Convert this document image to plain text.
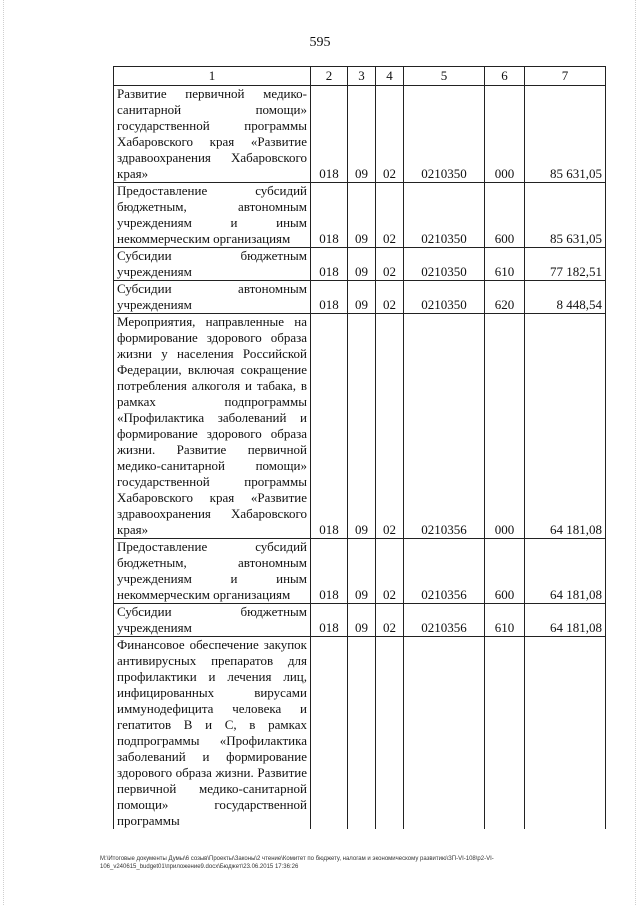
595
1	2	3	4	5	6	7
Развитие первичной медико-санитарной помощи» государственной программы Хабаровского края «Развитие здравоохранения Хабаровского края»	018	09	02	0210350	000	85 631,05
Предоставление субсидий бюджетным, автономным учреждениям и иным некоммерческим организациям	018	09	02	0210350	600	85 631,05
Субсидии бюджетным учреждениям	018	09	02	0210350	610	77 182,51
Субсидии автономным учреждениям	018	09	02	0210350	620	8 448,54
Мероприятия, направленные на формирование здорового образа жизни у населения Российской Федерации, включая сокращение потребления алкоголя и табака, в рамках подпрограммы «Профилактика заболеваний и формирование здорового образа жизни. Развитие первичной медико-санитарной помощи» государственной программы Хабаровского края «Развитие здравоохранения Хабаровского края»	018	09	02	0210356	000	64 181,08
Предоставление субсидий бюджетным, автономным учреждениям и иным некоммерческим организациям	018	09	02	0210356	600	64 181,08
Субсидии бюджетным учреждениям	018	09	02	0210356	610	64 181,08
Финансовое обеспечение закупок антивирусных препаратов для профилактики и лечения лиц, инфицированных вирусами иммунодефицита человека и гепатитов В и С, в рамках подпрограммы «Профилактика заболеваний и формирование здорового образа жизни. Развитие первичной медико-санитарной помощи» государственной программы						
M:\Итоговые документы Думы\6 созыв\Проекты\Законы\2 чтение\Комитет по бюджету, налогам и экономическому развитию\ЗП-VI-108\p2-VI-106_v240615_budget01\приложение9.docx\Бюджет\23.06.2015 17:36:26
